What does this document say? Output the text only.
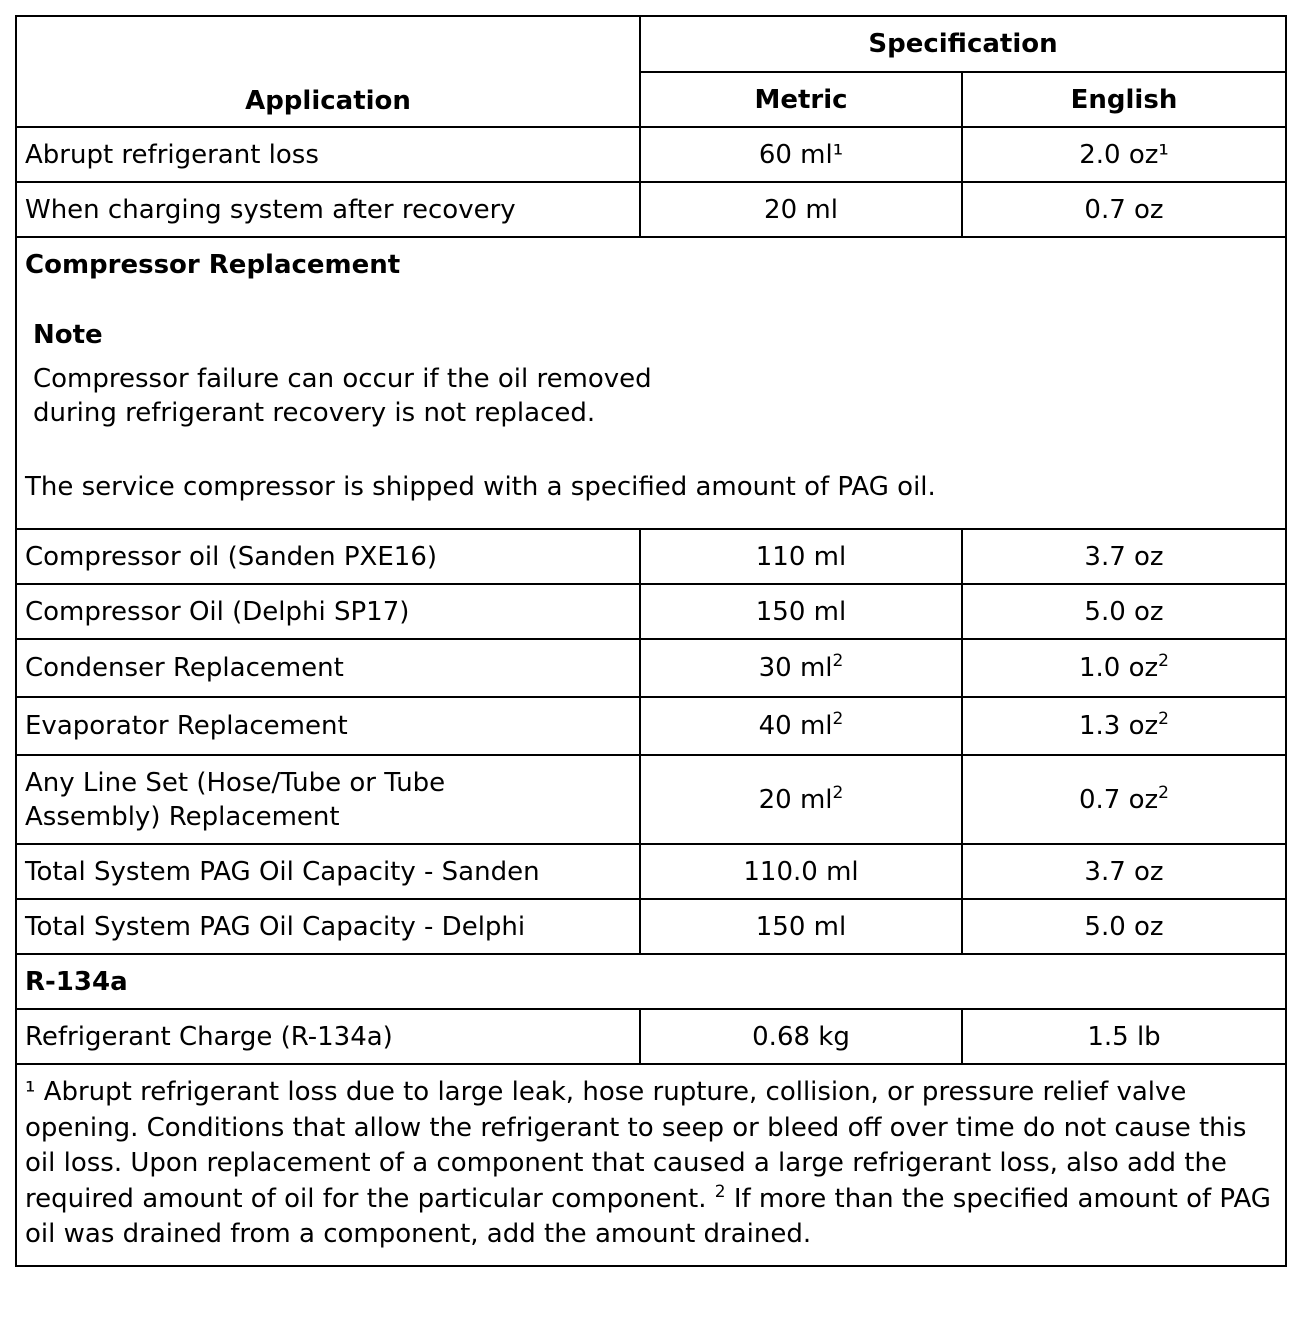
Application	Specification	
	Metric	English
Abrupt refrigerant loss	60 ml¹	2.0 oz¹
When charging system after recovery	20 ml	0.7 oz

Compressor Replacement
Note
Compressor failure can occur if the oil removed during refrigerant recovery is not replaced.
The service compressor is shipped with a specified amount of PAG oil.		

Compressor oil (Sanden PXE16)	110 ml	3.7 oz
Compressor Oil (Delphi SP17)	150 ml	5.0 oz
Condenser Replacement	30 $ml^2$	1.0 $oz^2$
Evaporator Replacement	40 $ml^2$	1.3 $oz^2$

Any Line Set (Hose/Tube or Tube Assembly) Replacement	20 $ml^2$	0.7 $oz^2$
Total System PAG Oil Capacity - Sanden	110.0 ml	3.7 oz
Total System PAG Oil Capacity - Delphi	150 ml	5.0 oz
R-134a		
Refrigerant Charge (R-134a)	0.68 kg	1.5 lb
¹ Abrupt refrigerant loss due to large leak, hose rupture, collision, or pressure relief valve opening. Conditions that allow the refrigerant to seep or bleed off over time do not cause this oil loss. Upon replacement of a component that caused a large refrigerant loss, also add the required amount of oil for the particular component. $^2$ If more than the specified amount of PAG oil was drained from a component, add the amount drained.		
